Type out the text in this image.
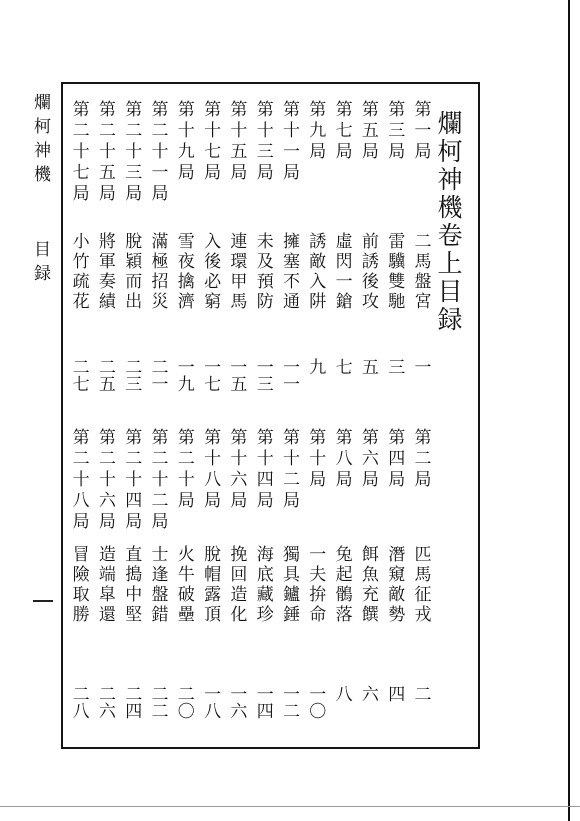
爛柯神機 目録	爛柯神機卷上目録
第一局
二馬盤宮
一
第三局
雷驥雙馳
三
第五局
前誘後攻
五
第七局
虛閃一鎗
七
第九局
誘敵入阱
九
第十一局
擁塞不通
一一
第十三局
未及預防
一三
第十五局
連環甲馬
一五
第十七局
入後必窮
一七
第十九局
雪夜擒濟
一九
第二十一局
滿極招災
二一
第二十三局
脫穎而出
二三
第二十五局
將軍奏績
二五
第二十七局
小竹疏花
二七
第二局
匹馬征戎
二
第四局
潛窺敵勢
四
第六局
餌魚充饌
六
第八局
兔起鶻落
八
第十局
一夫拚命
一〇
第十二局
獨具鑪錘
一二
第十四局
海底藏珍
一四
第十六局
挽回造化
一六
第十八局
脫帽露頂
一八
第二十局
火牛破壘
二〇
第二十二局
士逢盤錯
二二
第二十四局
直搗中堅
二四
第二十六局
造端皐還
二六
第二十八局
冒險取勝
二八
